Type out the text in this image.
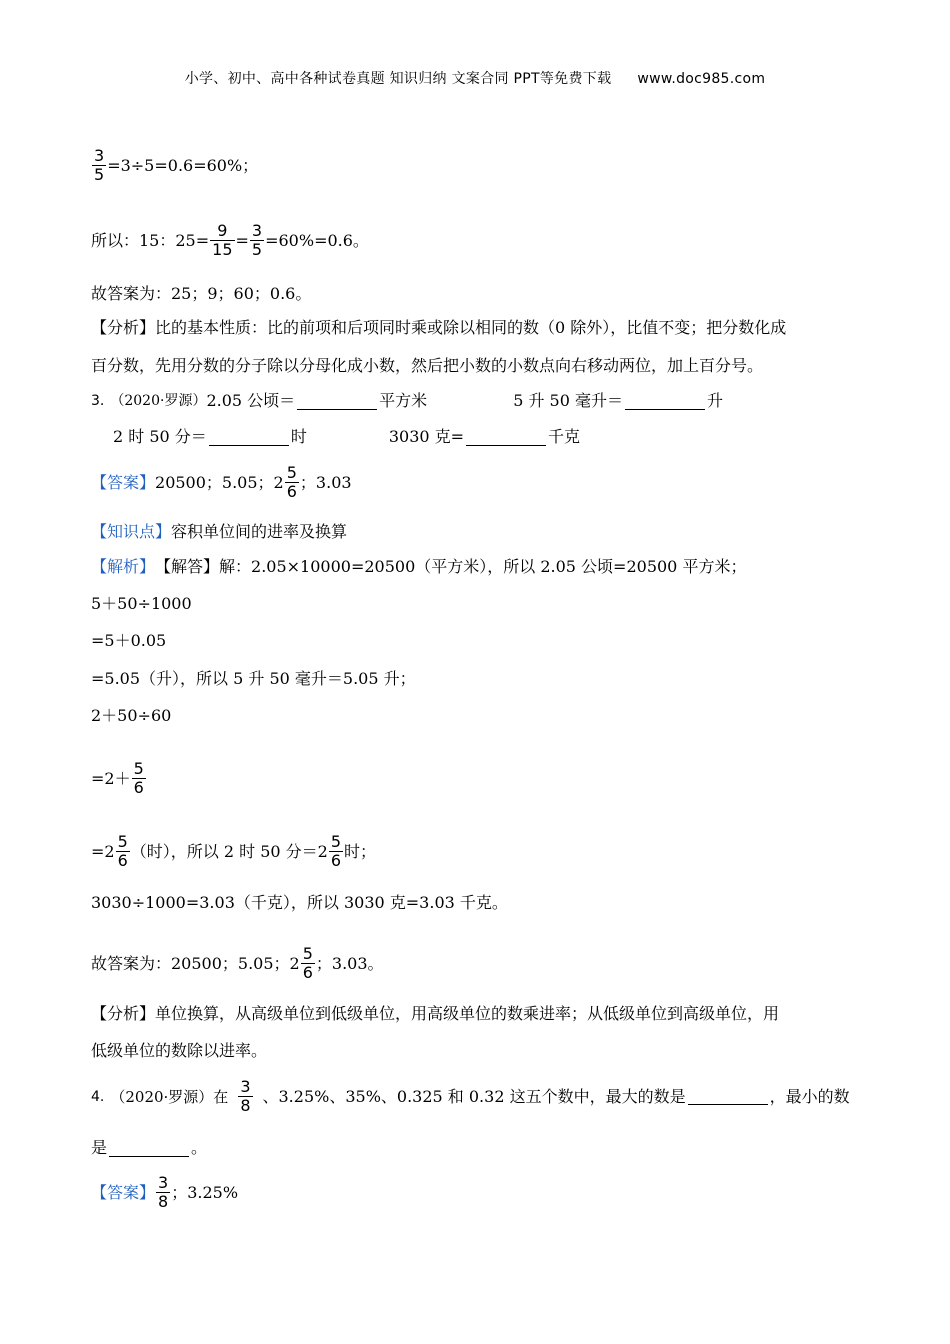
小学、初中、高中各种试卷真题 知识归纳 文案合同 PPT等免费下载 www.doc985.com
$\frac{3}{5} =3\div 5=0.6=60\%$；
所以：15：$25= \frac{9}{15} = \frac{3}{5} =60\%=0.6$。
故答案为：25；9；60；0.6。
【分析】 比的基本性质：比的前项和后项同时乘或除以相同的数（0 除外），比值不变；把分数化成
百分数，先用分数的分子除以分母化成小数，然后把小数的小数点向右移动两位，加上百分号。
3. （2020·罗源） 2.05 公顷＝	平方米	5 升 50 毫升＝	升
2 时 50 分＝	时	3030 克=	千克
【答案】 20500；5.05；$2 \frac{5}{6}$ ；3.03
【知识点】 容积单位间的进率及换算
【解析】 【解答】解：2.05×10000=20500（平方米），所以 2.05 公顷=20500 平方米；
5＋50÷1000
=5＋0.05
=5.05（升），所以 5 升 50 毫升＝5.05 升；
2＋50÷60
$=2+ \frac{5}{6}$
$=2 \frac{5}{6}$ （时），所以 2 时 50 分$=2 \frac{5}{6}$ 时；
3030÷1000=3.03（千克），所以 3030 克=3.03 千克。
故答案为：20500；5.05；$2 \frac{5}{6}$ ；3.03。
【分析】 单位换算，从高级单位到低级单位，用高级单位的数乘进率；从低级单位到高级单位，用
低级单位的数除以进率。
4. （2020·罗源）在 $\frac{3}{8}$ 、3.25%、35%、0.325 和 0.32 这五个数中，最大的数是	，最小的数
是	。
【答案】 $\frac{3}{8}$ ；3.25%
